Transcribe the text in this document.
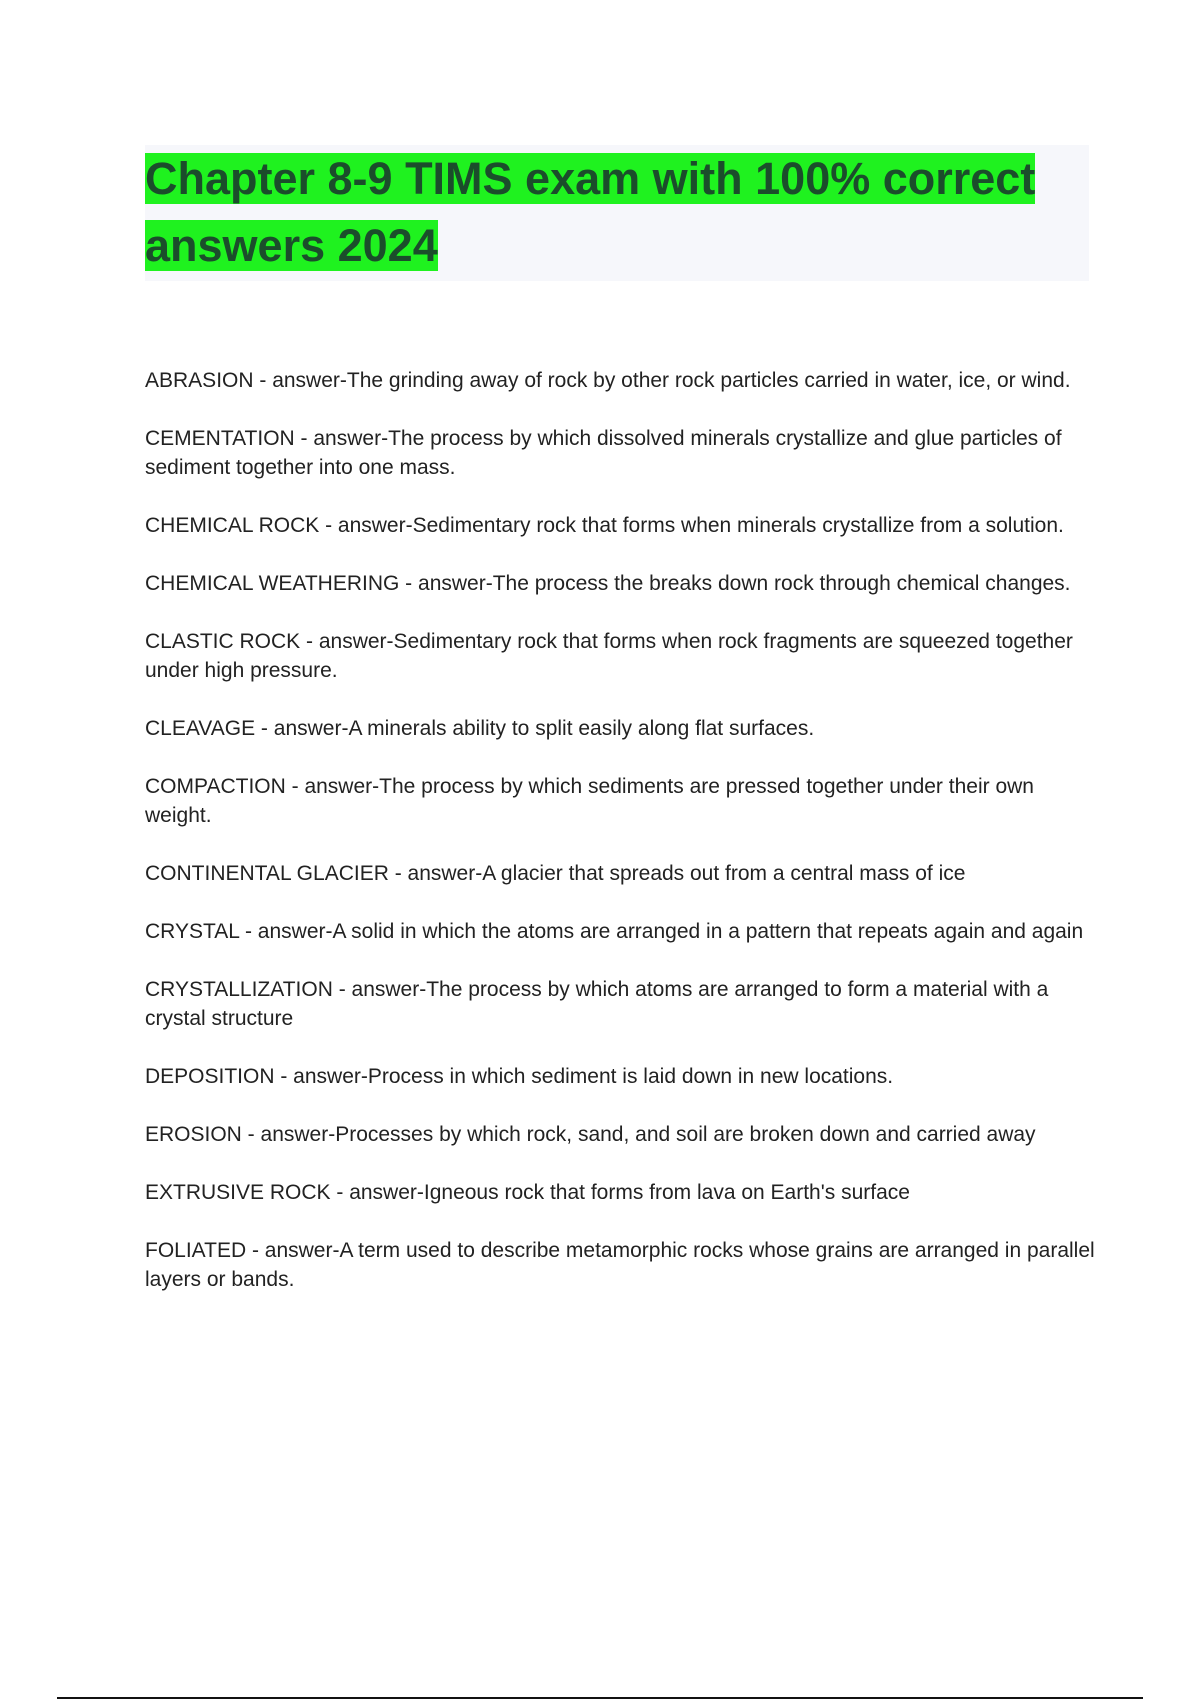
Chapter 8-9 TIMS exam with 100% correct answers 2024

ABRASION - answer-The grinding away of rock by other rock particles carried in water, ice, or wind.

CEMENTATION - answer-The process by which dissolved minerals crystallize and glue particles of sediment together into one mass.

CHEMICAL ROCK - answer-Sedimentary rock that forms when minerals crystallize from a solution.

CHEMICAL WEATHERING - answer-The process the breaks down rock through chemical changes.

CLASTIC ROCK - answer-Sedimentary rock that forms when rock fragments are squeezed together under high pressure.

CLEAVAGE - answer-A minerals ability to split easily along flat surfaces.

COMPACTION - answer-The process by which sediments are pressed together under their own weight.

CONTINENTAL GLACIER - answer-A glacier that spreads out from a central mass of ice

CRYSTAL - answer-A solid in which the atoms are arranged in a pattern that repeats again and again

CRYSTALLIZATION - answer-The process by which atoms are arranged to form a material with a crystal structure

DEPOSITION - answer-Process in which sediment is laid down in new locations.

EROSION - answer-Processes by which rock, sand, and soil are broken down and carried away

EXTRUSIVE ROCK - answer-Igneous rock that forms from lava on Earth's surface

FOLIATED - answer-A term used to describe metamorphic rocks whose grains are arranged in parallel layers or bands.
